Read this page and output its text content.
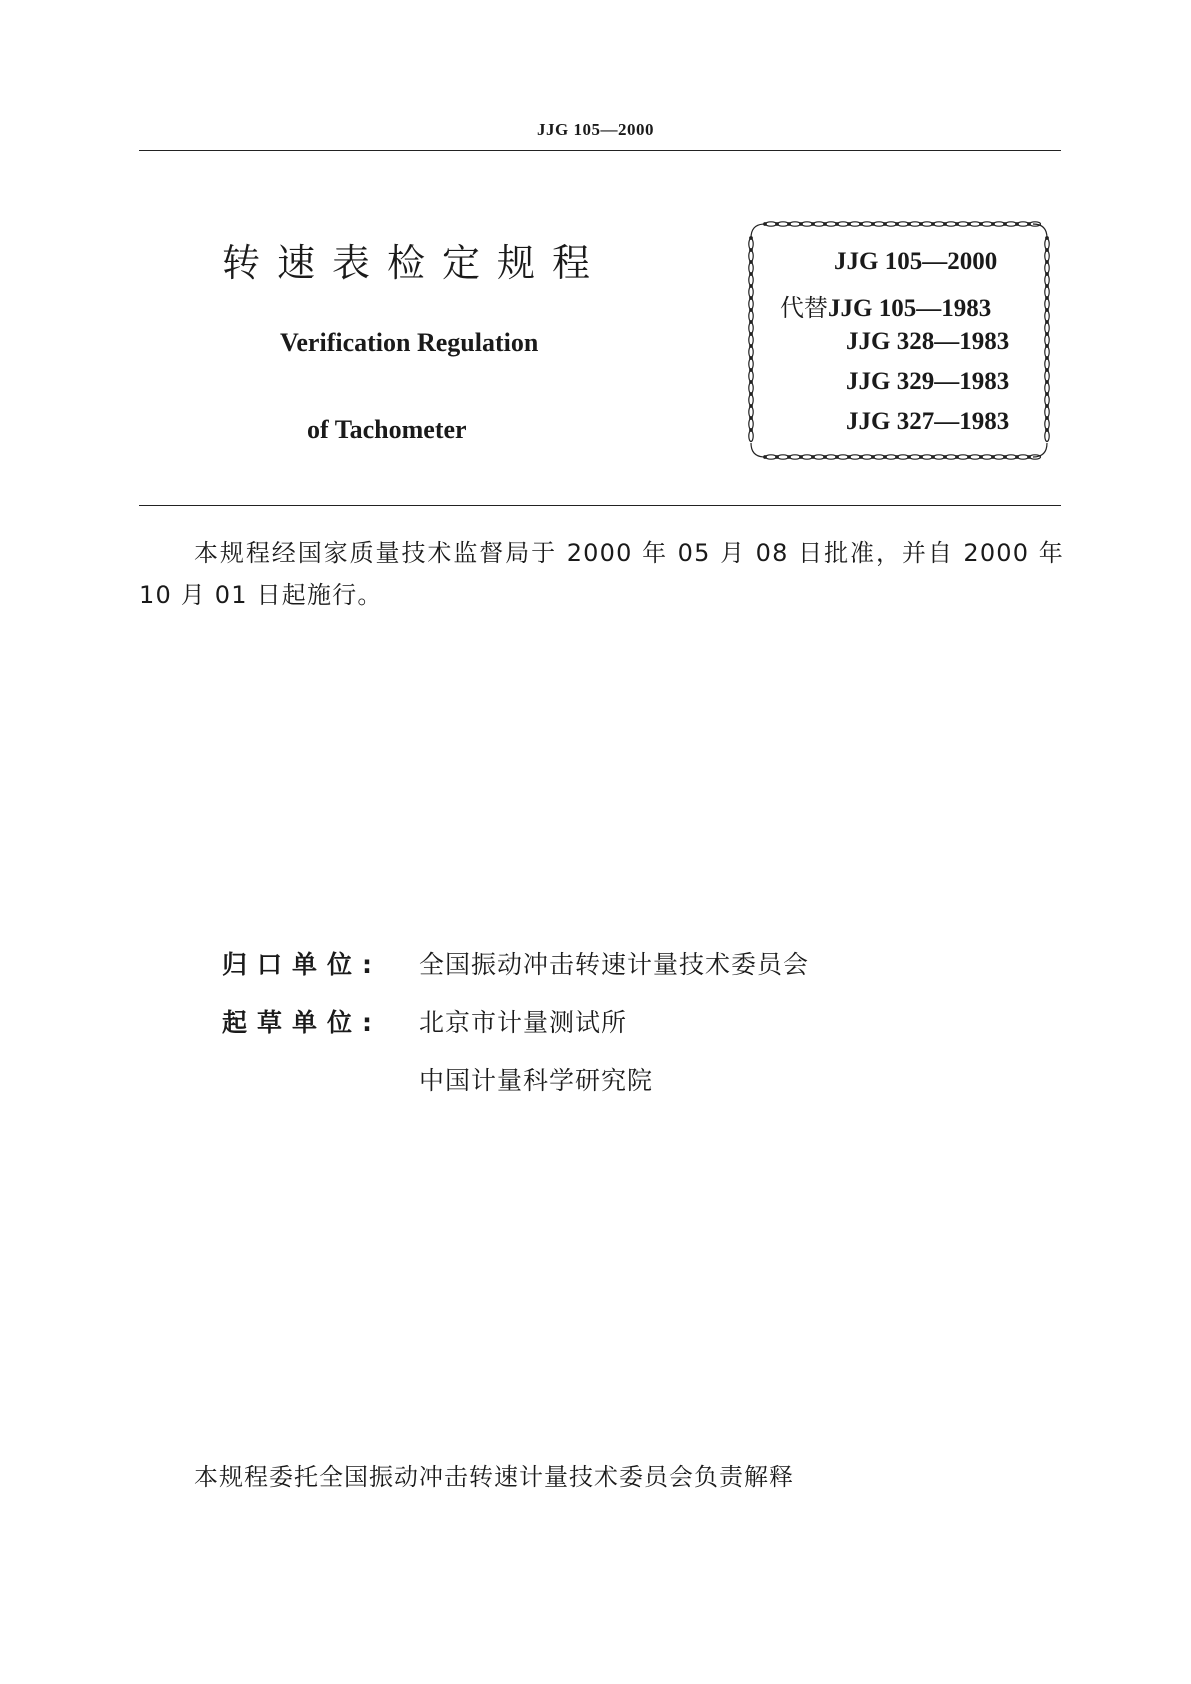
JJG 105—2000
转速表检定规程
Verification Regulation
of Tachometer
JJG 105—2000
代替JJG 105—1983
JJG 328—1983
JJG 329—1983
JJG 327—1983
本规程经国家质量技术监督局于 2000 年 05 月 08 日批准，并自 2000 年 10 月 01 日起施行。
归口单位: 全国振动冲击转速计量技术委员会
起草单位: 北京市计量测试所
中国计量科学研究院
本规程委托全国振动冲击转速计量技术委员会负责解释
